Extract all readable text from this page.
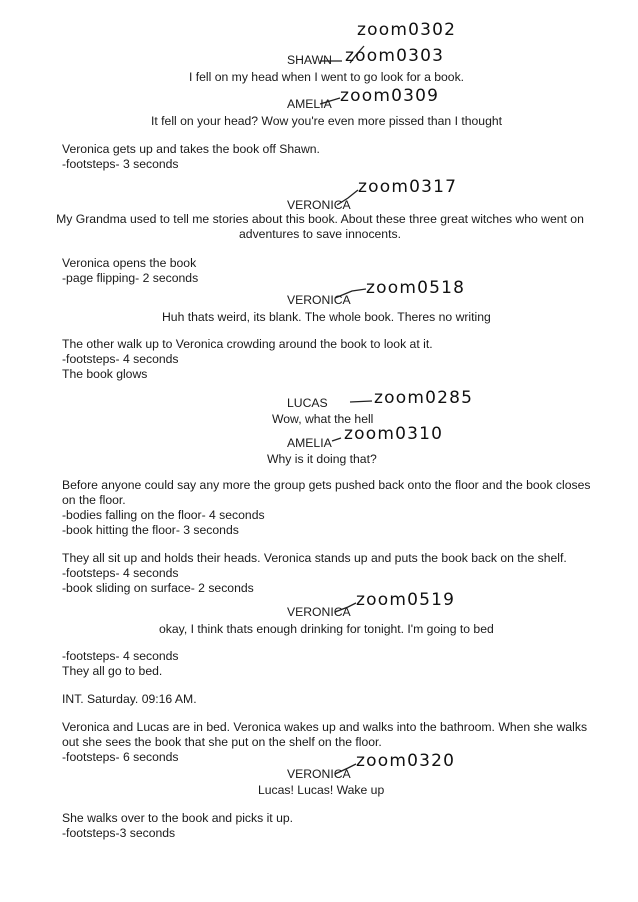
zoom0302
SHAWN zoom0303
I fell on my head when I went to go look for a book.
AMELIA zoom0309
It fell on your head? Wow you're even more pissed than I thought
Veronica gets up and takes the book off Shawn.
-footsteps- 3 seconds
zoom0317
VERONICA
My Grandma used to tell me stories about this book. About these three great witches who went on
adventures to save innocents.
Veronica opens the book
-page flipping- 2 seconds	zoom0518
VERONICA
Huh thats weird, its blank. The whole book. Theres no writing
The other walk up to Veronica crowding around the book to look at it.
-footsteps- 4 seconds
The book glows
LUCAS	zoom0285
Wow, what the hell
AMELIA zoom0310
Why is it doing that?
Before anyone could say any more the group gets pushed back onto the floor and the book closes
on the floor.
-bodies falling on the floor- 4 seconds
-book hitting the floor- 3 seconds
They all sit up and holds their heads. Veronica stands up and puts the book back on the shelf.
-footsteps- 4 seconds
-book sliding on surface- 2 seconds
zoom0519
VERONICA
okay, I think thats enough drinking for tonight. I'm going to bed
-footsteps- 4 seconds
They all go to bed.
INT. Saturday. 09:16 AM.
Veronica and Lucas are in bed. Veronica wakes up and walks into the bathroom. When she walks
out she sees the book that she put on the shelf on the floor.
-footsteps- 6 seconds	zoom0320
VERONICA
Lucas! Lucas! Wake up
She walks over to the book and picks it up.
-footsteps-3 seconds
